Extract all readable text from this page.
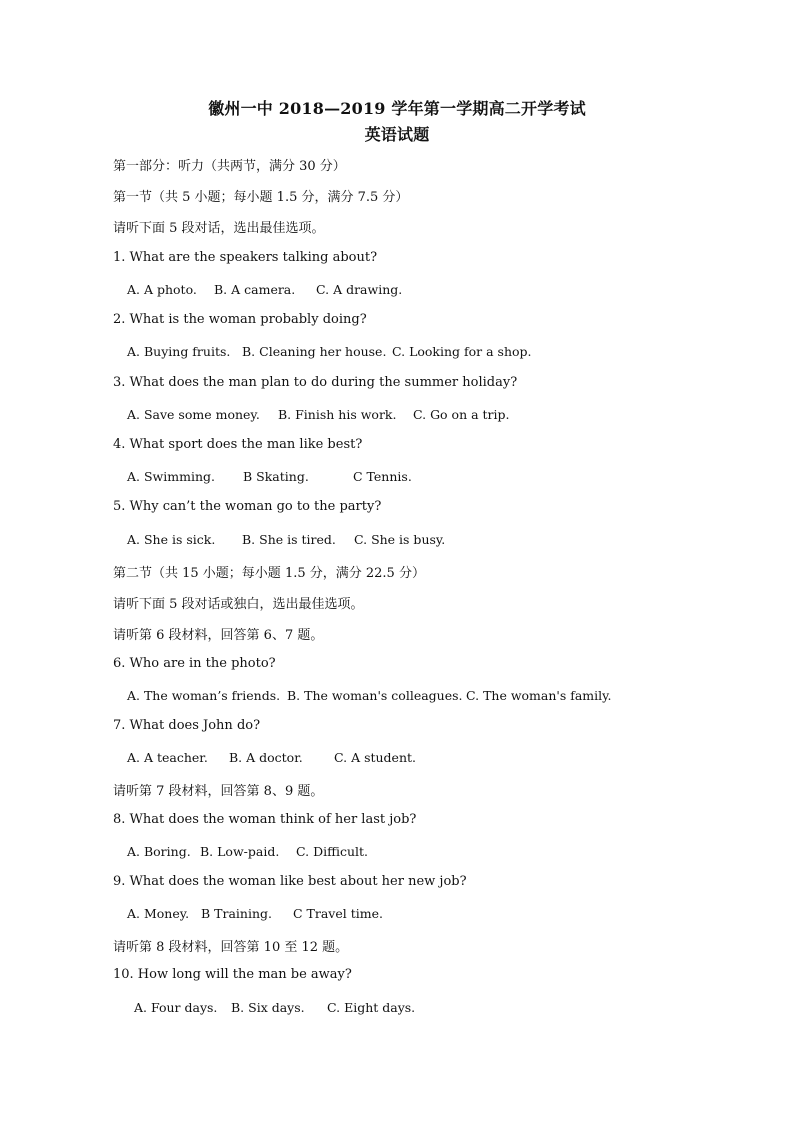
徽州一中 2018—2019 学年第一学期高二开学考试
英语试题
第一部分：听力（共两节，满分 30 分）
第一节（共 5 小题；每小题 1.5 分，满分 7.5 分）
请听下面 5 段对话，选出最佳选项。
1. What are the speakers talking about?
A. A photo. B. A camera. C. A drawing.
2. What is the woman probably doing?
A. Buying fruits. B. Cleaning her house. C. Looking for a shop.
3. What does the man plan to do during the summer holiday?
A. Save some money. B. Finish his work. C. Go on a trip.
4. What sport does the man like best?
A. Swimming. B Skating.	C Tennis.
5. Why can’t the woman go to the party?
A. She is sick. B. She is tired. C. She is busy.
第二节（共 15 小题；每小题 1.5 分，满分 22.5 分）
请听下面 5 段对话或独白，选出最佳选项。
请听第 6 段材料，回答第 6、7 题。
6. Who are in the photo?
A. The woman’s friends. B. The woman's colleagues. C. The woman's family.
7. What does John do?
A. A teacher. B. A doctor. C. A student.
请听第 7 段材料，回答第 8、9 题。
8. What does the woman think of her last job?
A. Boring. B. Low-paid. C. Difficult.
9. What does the woman like best about her new job?
A. Money. B Training. C Travel time.
请听第 8 段材料，回答第 10 至 12 题。
10. How long will the man be away?
A. Four days. B. Six days. C. Eight days.
